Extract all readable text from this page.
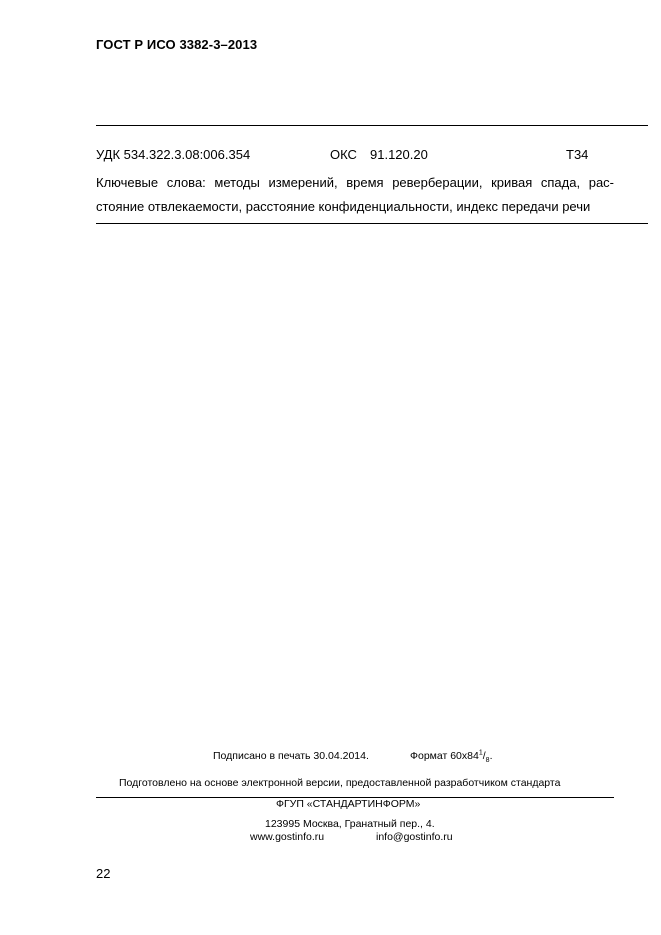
ГОСТ Р ИСО 3382-3–2013
УДК 534.322.3.08:006.354	ОКС 91.120.20	Т34
Ключевые слова: методы измерений, время реверберации, кривая спада, рас-
стояние отвлекаемости, расстояние конфиденциальности, индекс передачи речи
Подписано в печать 30.04.2014.	Формат $60х84^1/_8$.
Подготовлено на основе электронной версии, предоставленной разработчиком стандарта
ФГУП «СТАНДАРТИНФОРМ»
123995 Москва, Гранатный пер., 4.
www.gostinfo.ru	info@gostinfo.ru
22
